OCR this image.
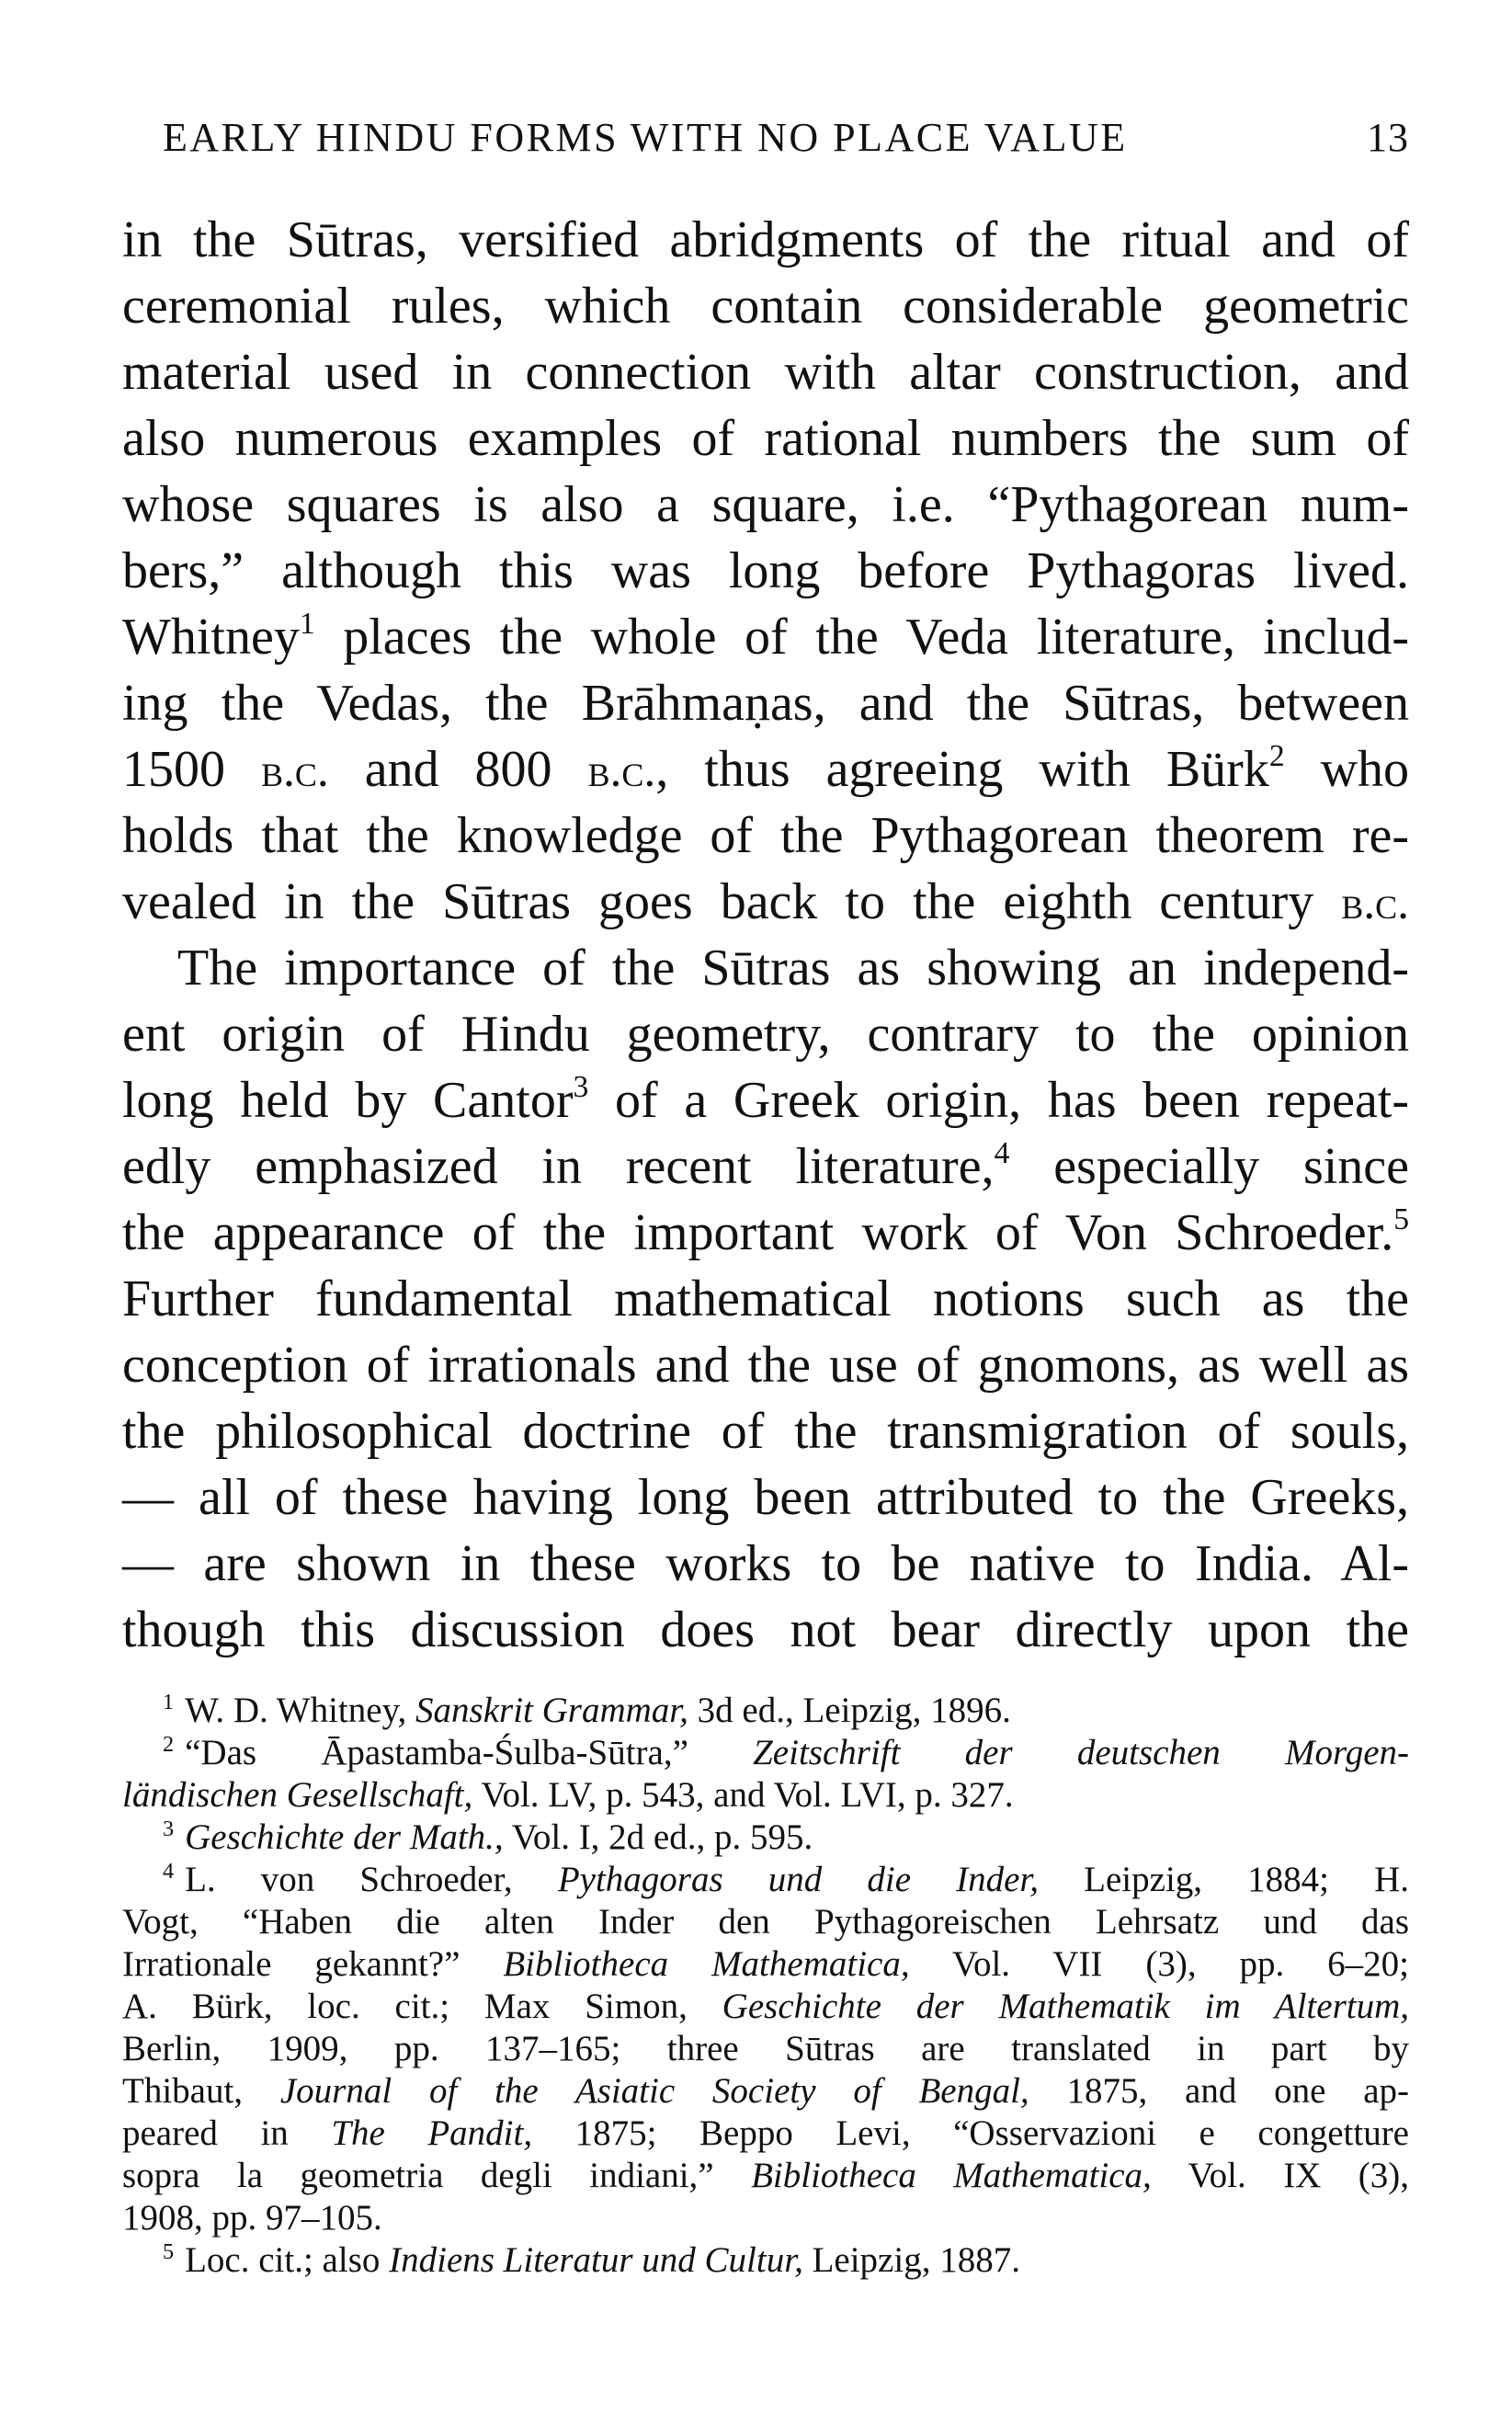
EARLY HINDU FORMS WITH NO PLACE VALUE	13
in the Sūtras, versified abridgments of the ritual and of
ceremonial rules, which contain considerable geometric
material used in connection with altar construction, and
also numerous examples of rational numbers the sum of
whose squares is also a square, i.e. “Pythagorean num-
bers,” although this was long before Pythagoras lived.
Whitney$^1$ places the whole of the Veda literature, includ-
ing the Vedas, the Brāhmaṇas, and the Sūtras, between
1500 b.c. and 800 b.c., thus agreeing with Bürk$^2$ who
holds that the knowledge of the Pythagorean theorem re-
vealed in the Sūtras goes back to the eighth century b.c.
The importance of the Sūtras as showing an independ-
ent origin of Hindu geometry, contrary to the opinion
long held by Cantor$^3$ of a Greek origin, has been repeat-
edly emphasized in recent literature,$^4$ especially since
the appearance of the important work of Von Schroeder.$^5$
Further fundamental mathematical notions such as the
conception of irrationals and the use of gnomons, as well as
the philosophical doctrine of the transmigration of souls,
— all of these having long been attributed to the Greeks,
— are shown in these works to be native to India. Al-
though this discussion does not bear directly upon the
$^1$ W. D. Whitney, Sanskrit Grammar, 3d ed., Leipzig, 1896.
$^2$ “Das Āpastamba-Śulba-Sūtra,” Zeitschrift der deutschen Morgen-
ländischen Gesellschaft, Vol. LV, p. 543, and Vol. LVI, p. 327.
$^3$ Geschichte der Math., Vol. I, 2d ed., p. 595.
$^4$ L. von Schroeder, Pythagoras und die Inder, Leipzig, 1884; H.
Vogt, “Haben die alten Inder den Pythagoreischen Lehrsatz und das
Irrationale gekannt?” Bibliotheca Mathematica, Vol. VII (3), pp. 6–20;
A. Bürk, loc. cit.; Max Simon, Geschichte der Mathematik im Altertum,
Berlin, 1909, pp. 137–165; three Sūtras are translated in part by
Thibaut, Journal of the Asiatic Society of Bengal, 1875, and one ap-
peared in The Pandit, 1875; Beppo Levi, “Osservazioni e congetture
sopra la geometria degli indiani,” Bibliotheca Mathematica, Vol. IX (3),
1908, pp. 97–105.
$^5$ Loc. cit.; also Indiens Literatur und Cultur, Leipzig, 1887.
